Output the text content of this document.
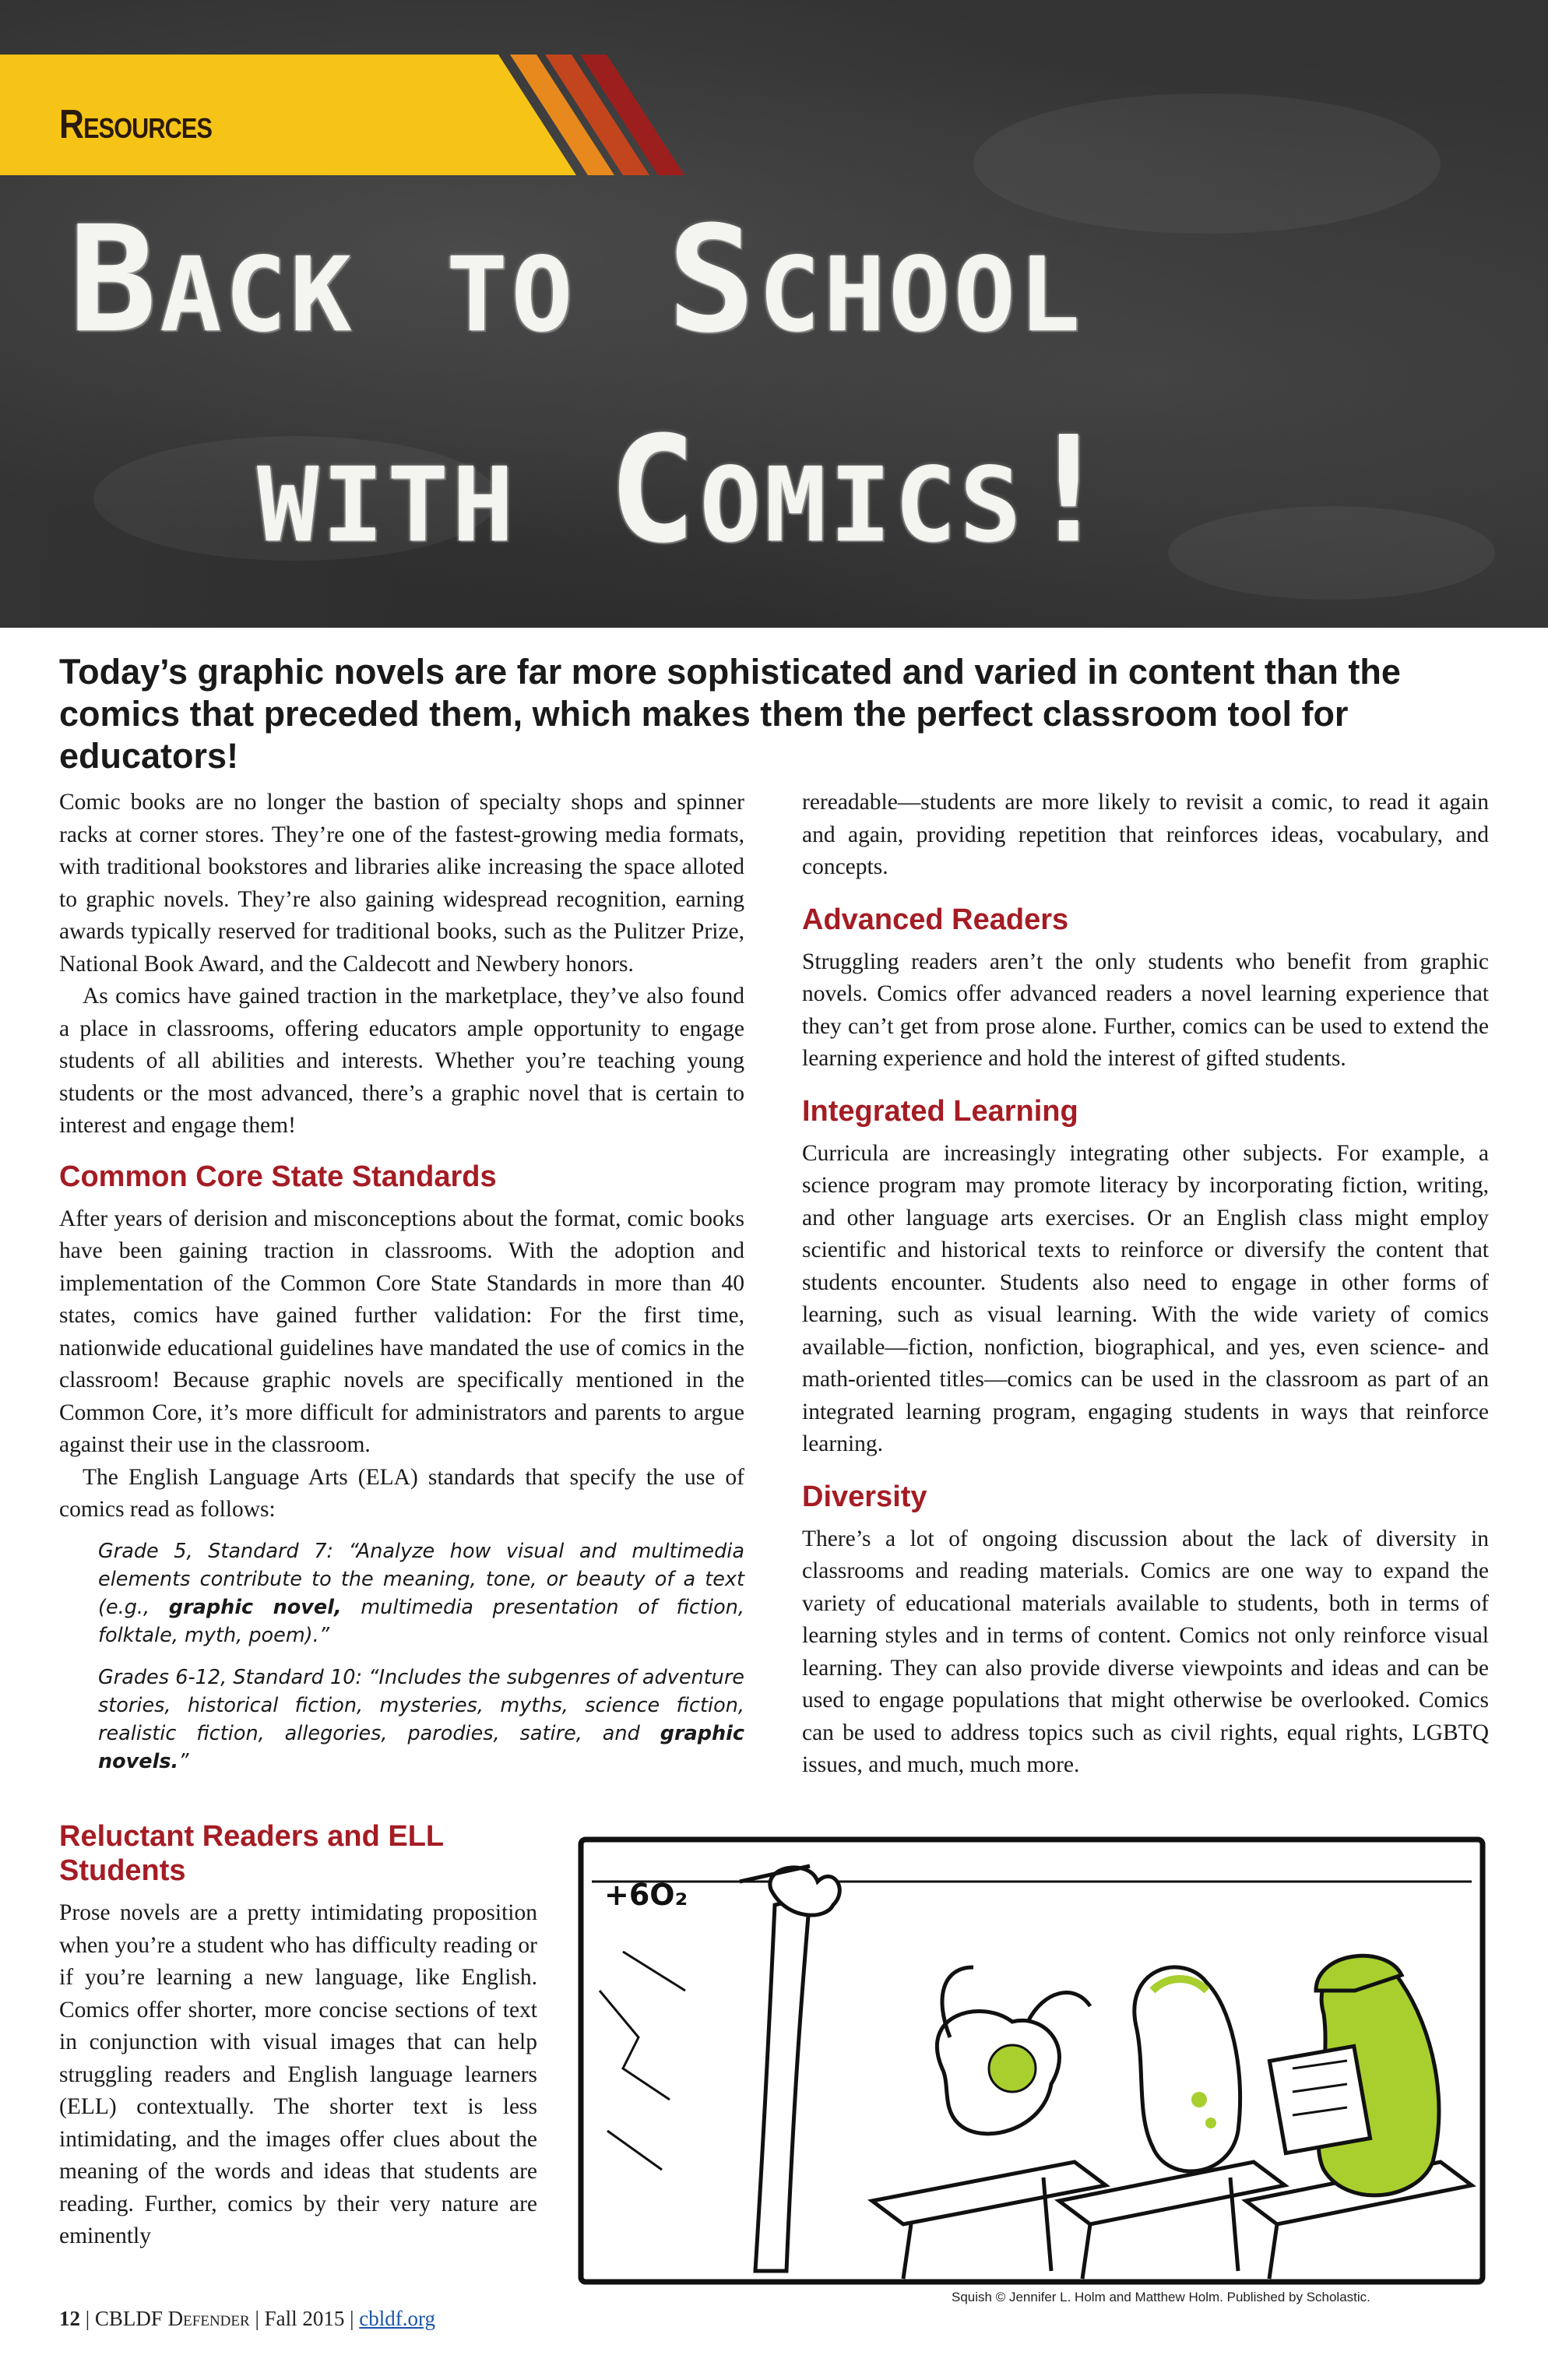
Resources
Back to School
with Comics!
Today’s graphic novels are far more sophisticated and varied in content than the comics that preceded them, which makes them the perfect classroom tool for educators!

Comic books are no longer the bastion of specialty shops and spinner racks at corner stores. They’re one of the fastest-growing media formats, with traditional bookstores and libraries alike increasing the space alloted to graphic novels. They’re also gaining widespread recognition, earning awards typically reserved for traditional books, such as the Pulitzer Prize, National Book Award, and the Caldecott and Newbery honors.

As comics have gained traction in the marketplace, they’ve also found a place in classrooms, offering educators ample opportunity to engage students of all abilities and interests. Whether you’re teaching young students or the most advanced, there’s a graphic novel that is certain to interest and engage them!

Common Core State Standards

After years of derision and misconceptions about the format, comic books have been gaining traction in classrooms. With the adoption and implementation of the Common Core State Standards in more than 40 states, comics have gained further validation: For the first time, nationwide educational guidelines have mandated the use of comics in the classroom! Because graphic novels are specifically mentioned in the Common Core, it’s more difficult for administrators and parents to argue against their use in the classroom.

The English Language Arts (ELA) standards that specify the use of comics read as follows:

Grade 5, Standard 7: “Analyze how visual and multimedia elements contribute to the meaning, tone, or beauty of a text (e.g., graphic novel, multimedia presentation of fiction, folktale, myth, poem).”
Grades 6-12, Standard 10: “Includes the subgenres of adventure stories, historical fiction, mysteries, myths, science fiction, realistic fiction, allegories, parodies, satire, and graphic novels.”
Reluctant Readers and ELL Students

Prose novels are a pretty intimidating proposition when you’re a student who has difficulty reading or if you’re learning a new language, like English. Comics offer shorter, more concise sections of text in conjunction with visual images that can help struggling readers and English language learners (ELL) contextually. The shorter text is less intimidating, and the images offer clues about the meaning of the words and ideas that students are reading. Further, comics by their very nature are eminently

rereadable—students are more likely to revisit a comic, to read it again and again, providing repetition that reinforces ideas, vocabulary, and concepts.

Advanced Readers

Struggling readers aren’t the only students who benefit from graphic novels. Comics offer advanced readers a novel learning experience that they can’t get from prose alone. Further, comics can be used to extend the learning experience and hold the interest of gifted students.

Integrated Learning

Curricula are increasingly integrating other subjects. For example, a science program may promote literacy by incorporating fiction, writing, and other language arts exercises. Or an English class might employ scientific and historical texts to reinforce or diversify the content that students encounter. Students also need to engage in other forms of learning, such as visual learning. With the wide variety of comics available—fiction, nonfiction, biographical, and yes, even science- and math-oriented titles—comics can be used in the classroom as part of an integrated learning program, engaging students in ways that reinforce learning.

Diversity

There’s a lot of ongoing discussion about the lack of diversity in classrooms and reading materials. Comics are one way to expand the variety of educational materials available to students, both in terms of learning styles and in terms of content. Comics not only reinforce visual learning. They can also provide diverse viewpoints and ideas and can be used to engage populations that might otherwise be overlooked. Comics can be used to address topics such as civil rights, equal rights, LGBTQ issues, and much, much more.

+6O₂
Squish © Jennifer L. Holm and Matthew Holm. Published by Scholastic.
12 | CBLDF Defender | Fall 2015 | cbldf.org
